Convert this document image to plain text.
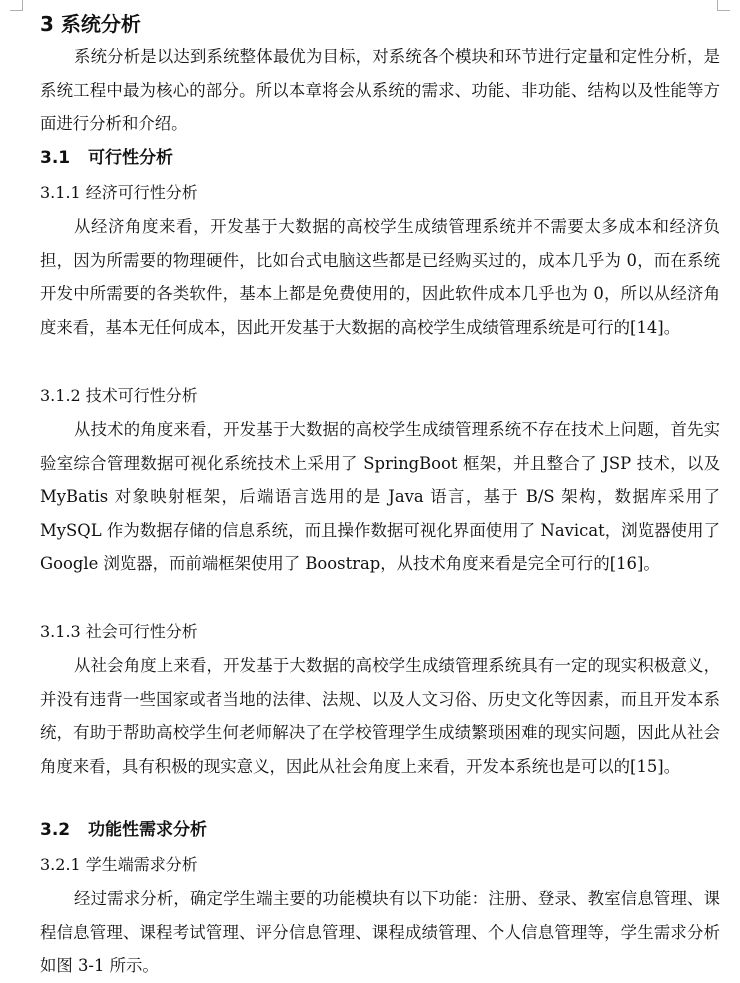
3 系统分析

系统分析是以达到系统整体最优为目标，对系统各个模块和环节进行定量和定性分析，是系统工程中最为核心的部分。所以本章将会从系统的需求、功能、非功能、结构以及性能等方面进行分析和介绍。

3.1 可行性分析
3.1.1 经济可行性分析

从经济角度来看，开发基于大数据的高校学生成绩管理系统并不需要太多成本和经济负担，因为所需要的物理硬件，比如台式电脑这些都是已经购买过的，成本几乎为 0，而在系统开发中所需要的各类软件，基本上都是免费使用的，因此软件成本几乎也为 0，所以从经济角度来看，基本无任何成本，因此开发基于大数据的高校学生成绩管理系统是可行的[14]。

3.1.2 技术可行性分析

从技术的角度来看，开发基于大数据的高校学生成绩管理系统不存在技术上问题，首先实验室综合管理数据可视化系统技术上采用了 SpringBoot 框架，并且整合了 JSP 技术，以及 MyBatis 对象映射框架，后端语言选用的是 Java 语言，基于 B/S 架构，数据库采用了 MySQL 作为数据存储的信息系统，而且操作数据可视化界面使用了 Navicat，浏览器使用了 Google 浏览器，而前端框架使用了 Boostrap，从技术角度来看是完全可行的[16]。

3.1.3 社会可行性分析

从社会角度上来看，开发基于大数据的高校学生成绩管理系统具有一定的现实积极意义，并没有违背一些国家或者当地的法律、法规、以及人文习俗、历史文化等因素，而且开发本系统，有助于帮助高校学生何老师解决了在学校管理学生成绩繁琐困难的现实问题，因此从社会角度来看，具有积极的现实意义，因此从社会角度上来看，开发本系统也是可以的[15]。

3.2 功能性需求分析
3.2.1 学生端需求分析

经过需求分析，确定学生端主要的功能模块有以下功能：注册、登录、教室信息管理、课程信息管理、课程考试管理、评分信息管理、课程成绩管理、个人信息管理等，学生需求分析如图 3-1 所示。
